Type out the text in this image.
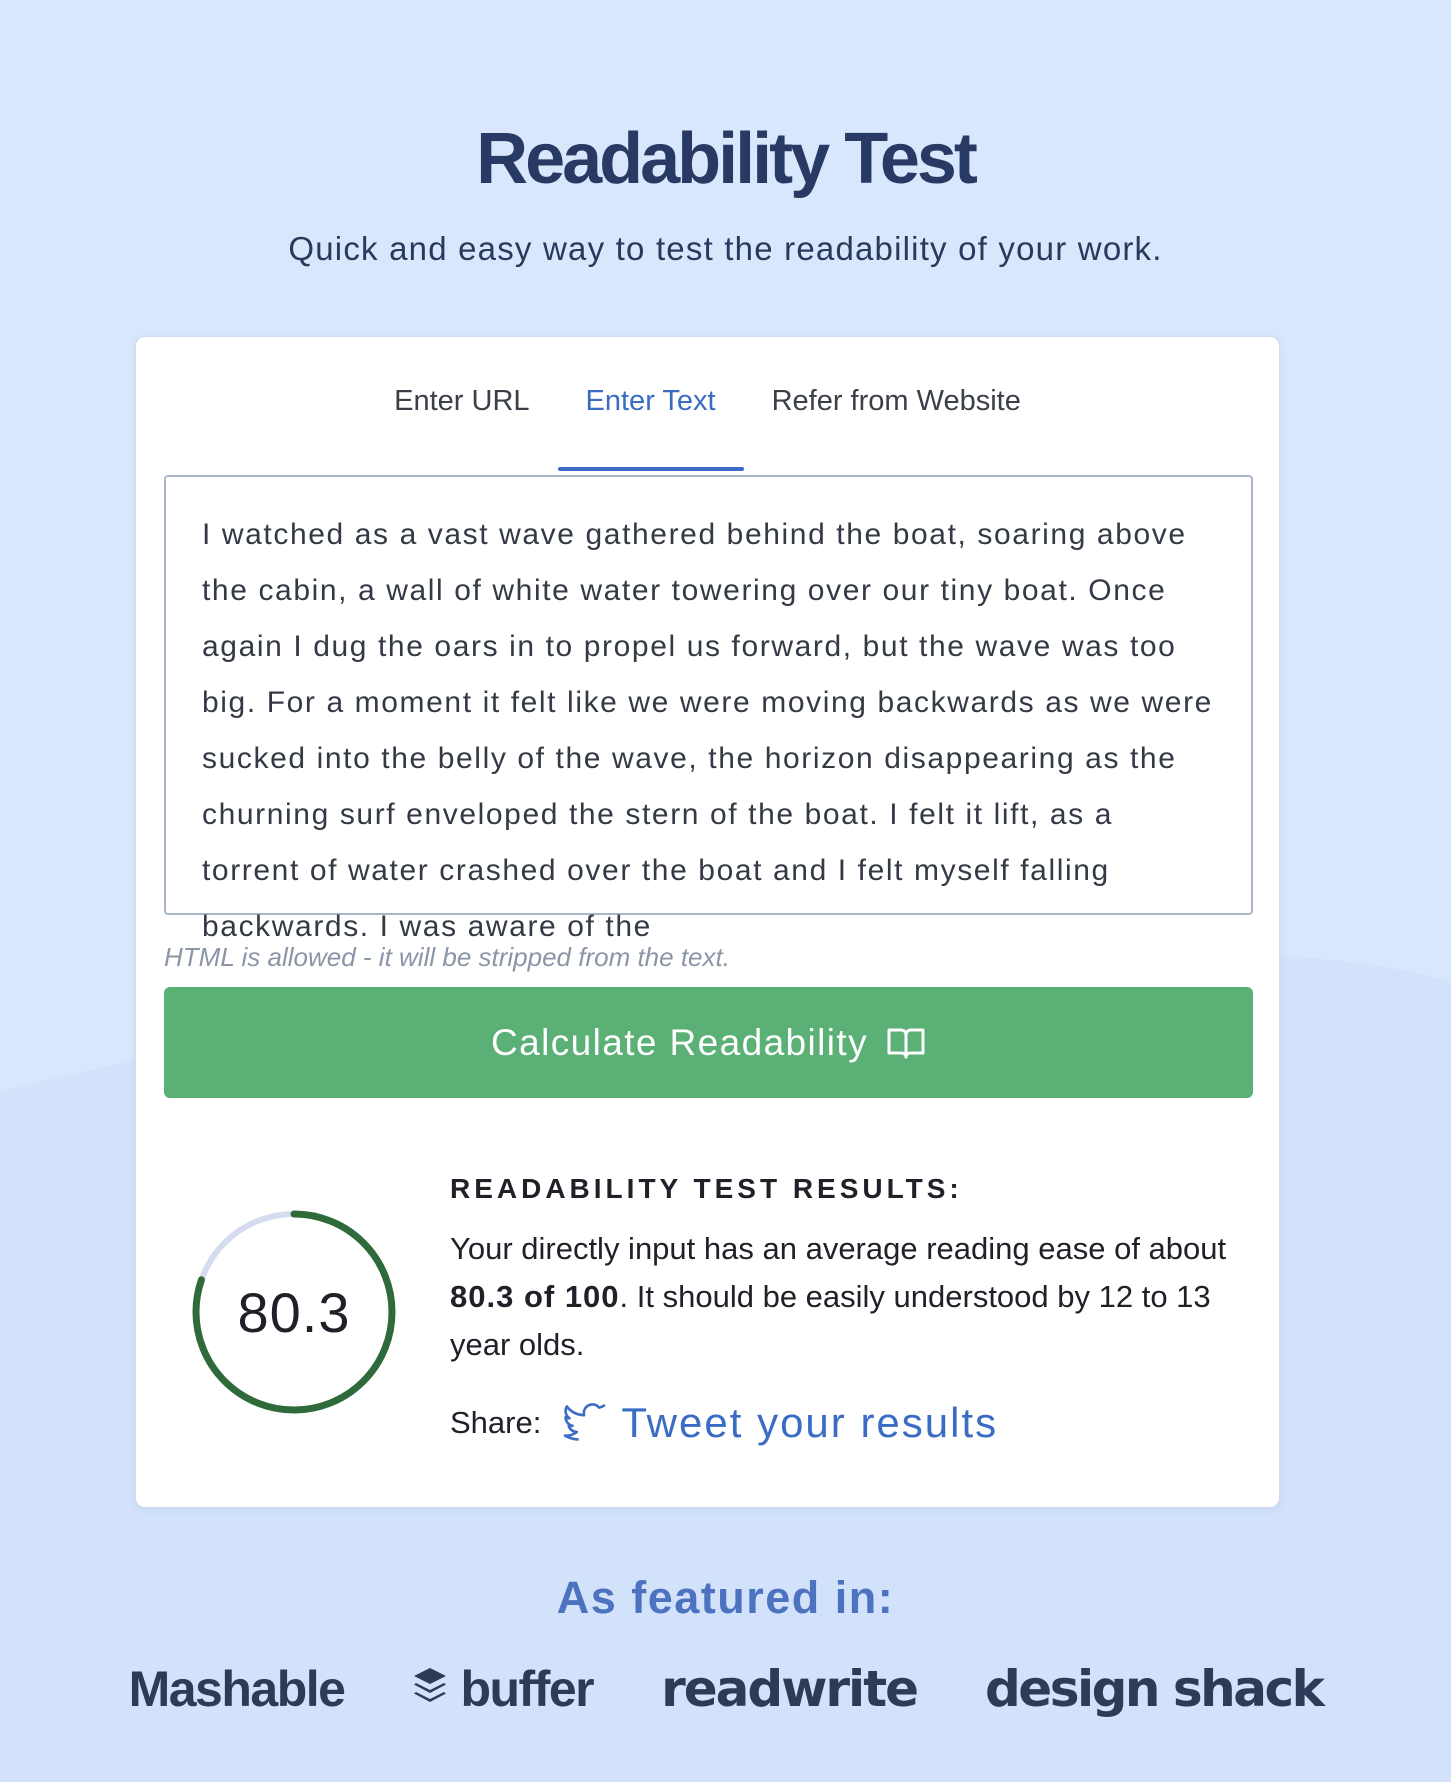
Readability Test

Quick and easy way to test the readability of your work.

Enter URL	Enter Text	Refer from Website
I watched as a vast wave gathered behind the boat, soaring above the cabin, a wall of white water towering over our tiny boat. Once again I dug the oars in to propel us forward, but the wave was too big. For a moment it felt like we were moving backwards as we were sucked into the belly of the wave, the horizon disappearing as the churning surf enveloped the stern of the boat. I felt it lift, as a torrent of water crashed over the boat and I felt myself falling backwards. I was aware of the

HTML is allowed - it will be stripped from the text.

Calculate Readability
80.3
READABILITY TEST RESULTS:

Your directly input has an average reading ease of about 80.3 of 100. It should be easily understood by 12 to 13 year olds.

Share: Tweet your results
As featured in:
Mashable buffer readwrite design shack
